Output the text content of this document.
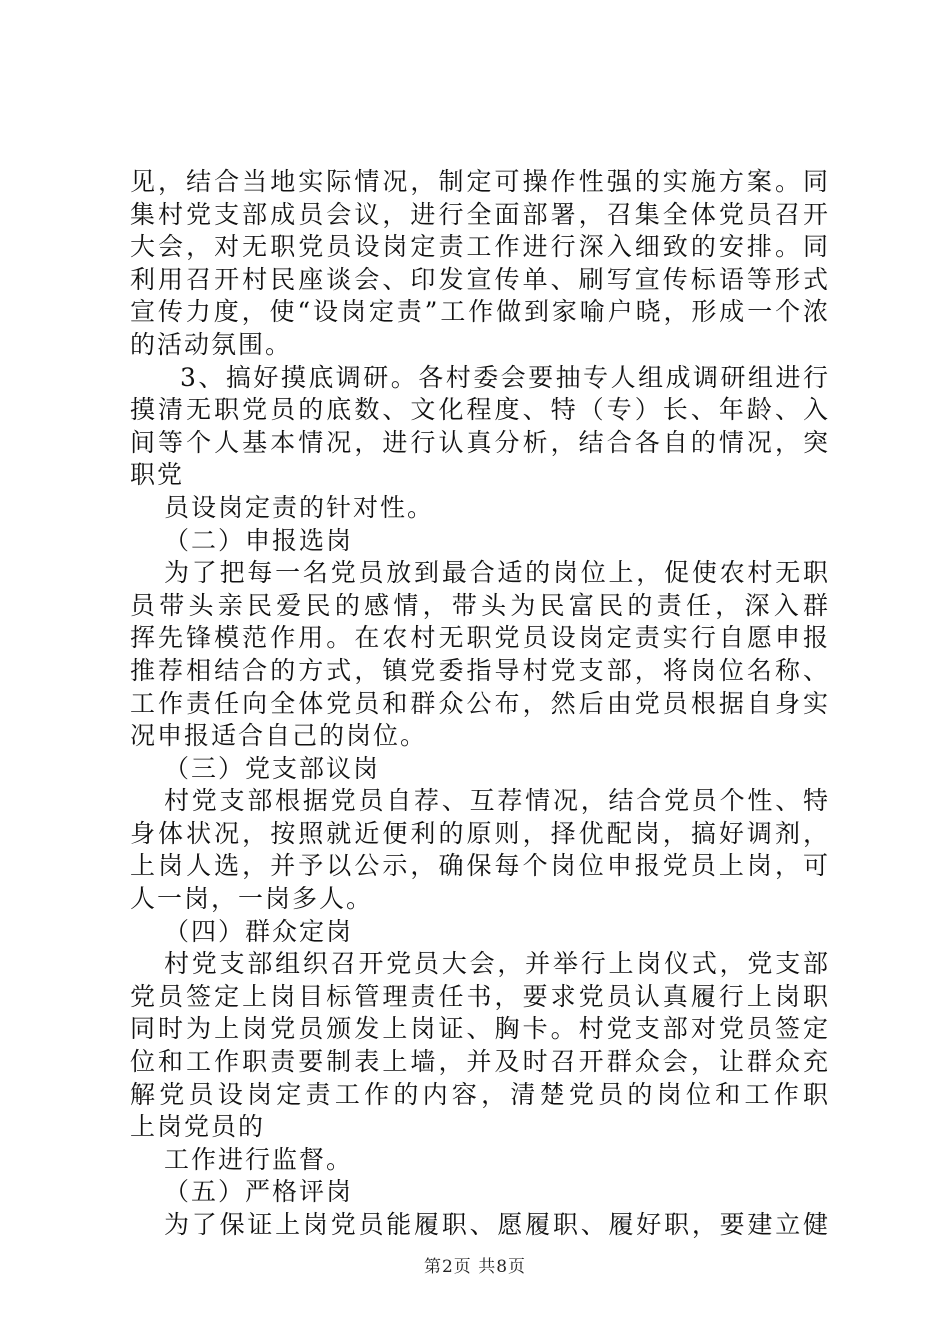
见，结合当地实际情况，制定可操作性强的实施方案。同
集村党支部成员会议，进行全面部署，召集全体党员召开
大会，对无职党员设岗定责工作进行深入细致的安排。同
利用召开村民座谈会、印发宣传单、刷写宣传标语等形式
宣传力度，使“设岗定责”工作做到家喻户晓，形成一个浓
的活动氛围。
3、搞好摸底调研。各村委会要抽专人组成调研组进行
摸清无职党员的底数、文化程度、特（专）长、年龄、入
间等个人基本情况，进行认真分析，结合各自的情况，突
职党
员设岗定责的针对性。
（二）申报选岗
为了把每一名党员放到最合适的岗位上，促使农村无职
员带头亲民爱民的感情，带头为民富民的责任，深入群
挥先锋模范作用。在农村无职党员设岗定责实行自愿申报
推荐相结合的方式，镇党委指导村党支部，将岗位名称、
工作责任向全体党员和群众公布，然后由党员根据自身实
况申报适合自己的岗位。
（三）党支部议岗
村党支部根据党员自荐、互荐情况，结合党员个性、特
身体状况，按照就近便利的原则，择优配岗，搞好调剂，
上岗人选，并予以公示，确保每个岗位申报党员上岗，可
人一岗，一岗多人。
（四）群众定岗
村党支部组织召开党员大会，并举行上岗仪式，党支部
党员签定上岗目标管理责任书，要求党员认真履行上岗职
同时为上岗党员颁发上岗证、胸卡。村党支部对党员签定
位和工作职责要制表上墙，并及时召开群众会，让群众充
解党员设岗定责工作的内容，清楚党员的岗位和工作职
上岗党员的
工作进行监督。
（五）严格评岗
为了保证上岗党员能履职、愿履职、履好职，要建立健
第2页 共8页
